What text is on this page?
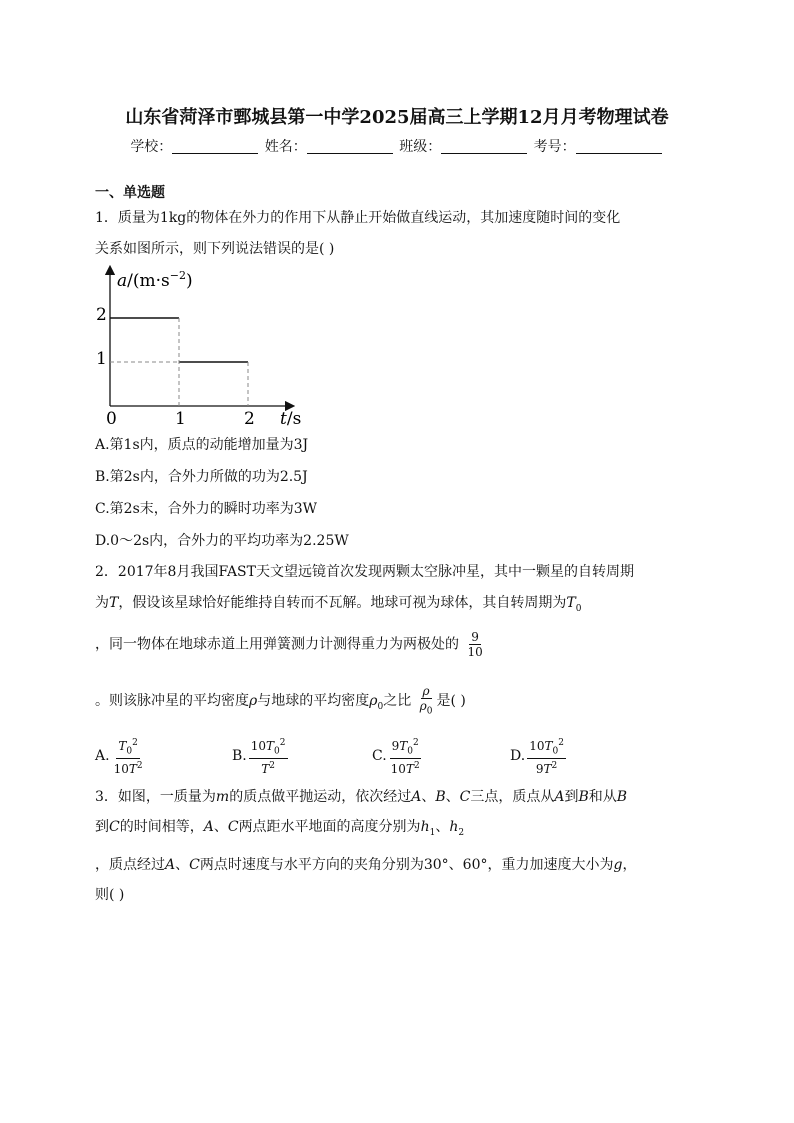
山东省菏泽市鄄城县第一中学2025届高三上学期12月月考物理试卷
学校：	姓名：	班级：	考号：
一、单选题
1．质量为1kg的物体在外力的作用下从静止开始做直线运动，其加速度随时间的变化
关系如图所示，则下列说法错误的是( )
$a/(m\cdot s^{-2})$
2
1
0	1	2 t/s
A.第1s内，质点的动能增加量为3J
B.第2s内，合外力所做的功为2.5J
C.第2s末，合外力的瞬时功率为3W
D.0～2s内，合外力的平均功率为2.25W
2．2017年8月我国FAST天文望远镜首次发现两颗太空脉冲星，其中一颗星的自转周期
为T，假设该星球恰好能维持自转而不瓦解。地球可视为球体，其自转周期为$T_0$
，同一物体在地球赤道上用弹簧测力计测得重力为两极处的 $\frac{9}{10}$
。则该脉冲星的平均密度ρ与地球的平均密度$\rho_0$之比 $\frac{\rho}{\rho_0}$ 是( )
A. $\frac{T_0^2}{10T^2}$	B. $\frac{10T_0^2}{T^2}$	C. $\frac{9T_0^2}{10T^2}$	D. $\frac{10T_0^2}{9T^2}$
3．如图，一质量为m的质点做平抛运动，依次经过A、B、C三点，质点从A到B和从B
到C的时间相等，A、C两点距水平地面的高度分别为$h_1$、$h_2$
，质点经过A、C两点时速度与水平方向的夹角分别为30°、60°，重力加速度大小为g，
则( )
